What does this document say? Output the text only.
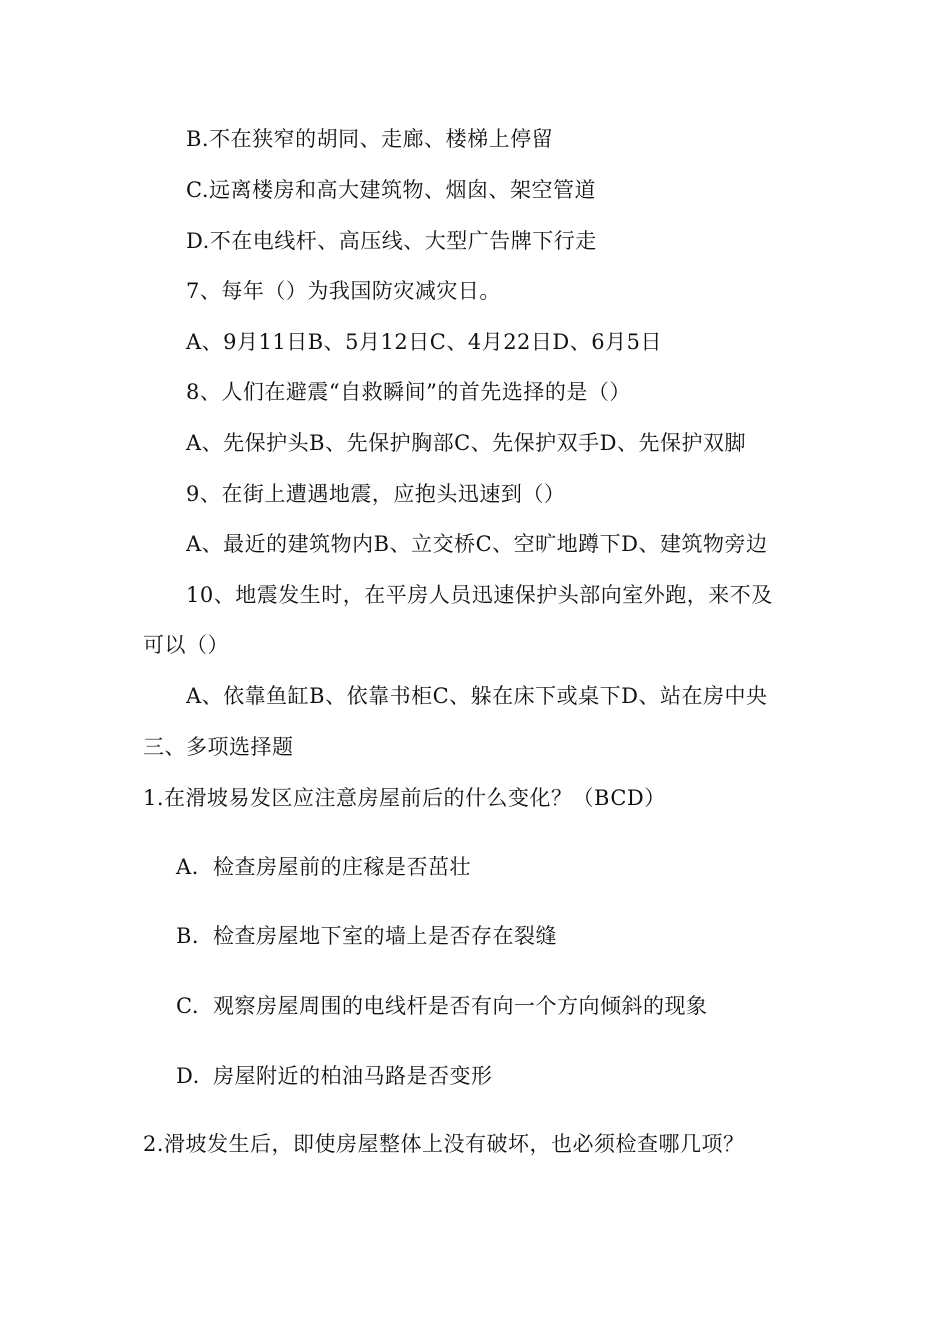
B.不在狭窄的胡同、走廊、楼梯上停留
C.远离楼房和高大建筑物、烟囱、架空管道
D.不在电线杆、高压线、大型广告牌下行走
7、每年（）为我国防灾减灾日。
A、9月11日B、5月12日C、4月22日D、6月5日
8、人们在避震“自救瞬间”的首先选择的是（）
A、先保护头B、先保护胸部C、先保护双手D、先保护双脚
9、在街上遭遇地震，应抱头迅速到（）
A、最近的建筑物内B、立交桥C、空旷地蹲下D、建筑物旁边
10、地震发生时，在平房人员迅速保护头部向室外跑，来不及
可以（）
A、依靠鱼缸B、依靠书柜C、躲在床下或桌下D、站在房中央
三、多项选择题
1.在滑坡易发区应注意房屋前后的什么变化？（BCD）
A. 检查房屋前的庄稼是否茁壮
B. 检查房屋地下室的墙上是否存在裂缝
C. 观察房屋周围的电线杆是否有向一个方向倾斜的现象
D. 房屋附近的柏油马路是否变形
2.滑坡发生后，即使房屋整体上没有破坏，也必须检查哪几项？
